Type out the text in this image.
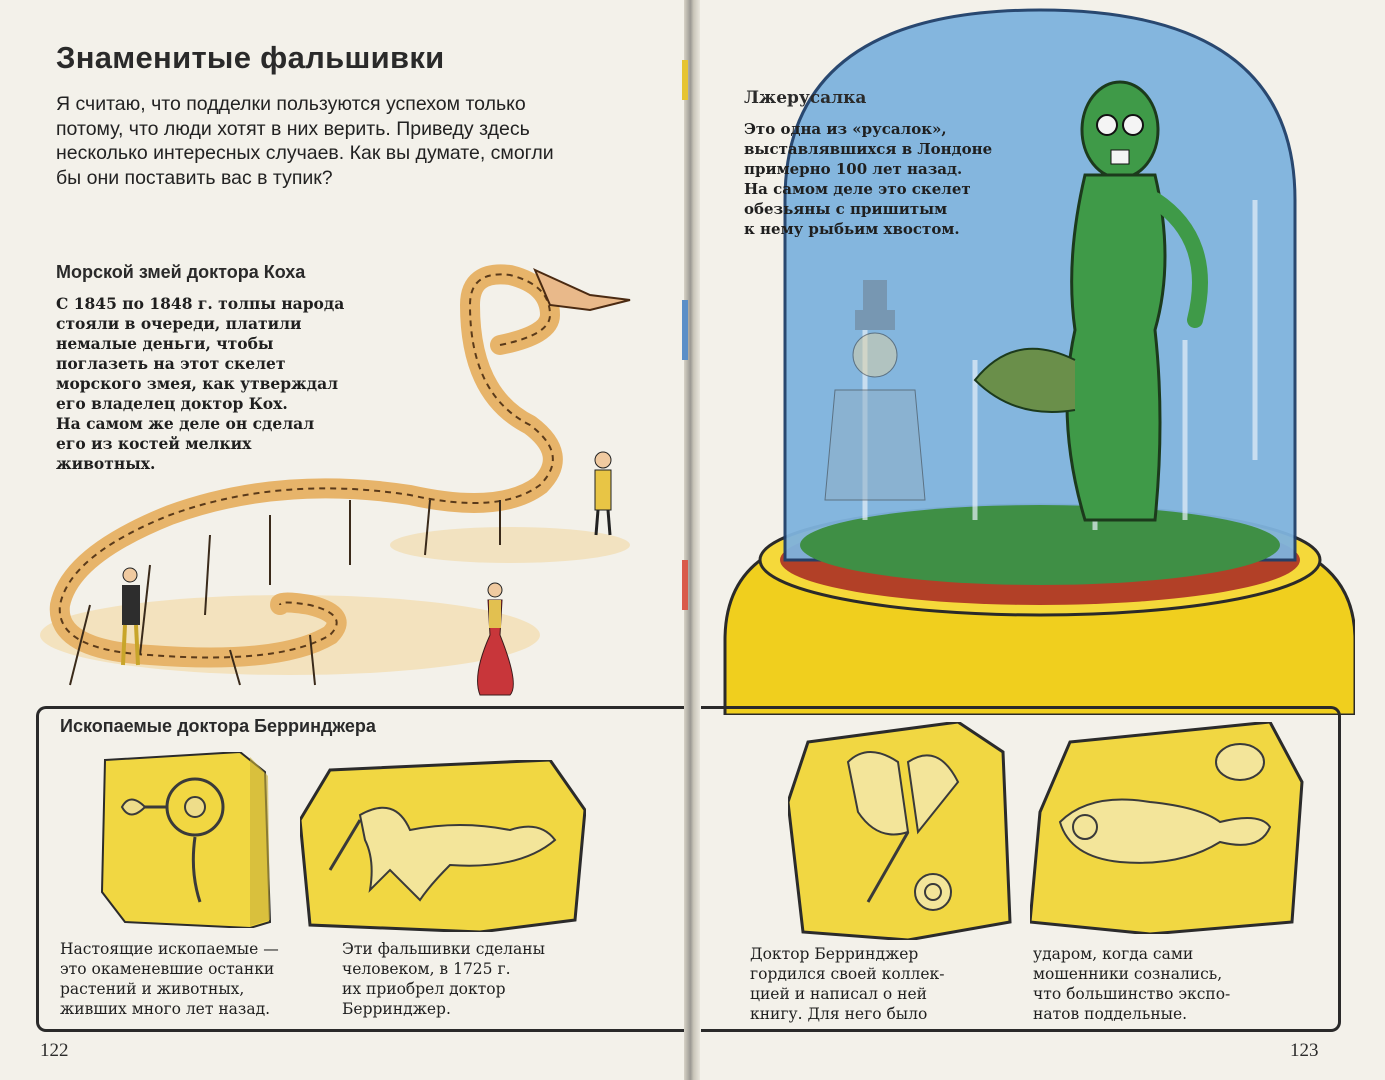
Знаменитые фальшивки

Я считаю, что подделки пользуются успехом только потому, что люди хотят в них верить. Приведу здесь несколько интересных случаев. Как вы думате, смогли бы они поставить вас в тупик?

Морской змей доктора Коха

С 1845 по 1848 г. толпы народа

стояли в очереди, платили

немалые деньги, чтобы

поглазеть на этот скелет

морского змея, как утверждал

его владелец доктор Кох.

На самом же деле он сделал

его из костей мелких

животных.

Ископаемые доктора Берринджера

Настоящие ископаемые —

это окаменевшие останки

растений и животных,

живших много лет назад.

Эти фальшивки сделаны

человеком, в 1725 г.

их приобрел доктор

Берринджер.

122

Лжерусалка

Это одна из «русалок»,

выставлявшихся в Лондоне

примерно 100 лет назад.

На самом деле это скелет

обезьяны с пришитым

к нему рыбьим хвостом.

Доктор Берринджер

гордился своей коллек-

цией и написал о ней

книгу. Для него было

ударом, когда сами

мошенники сознались,

что большинство экспо-

натов поддельные.

123
